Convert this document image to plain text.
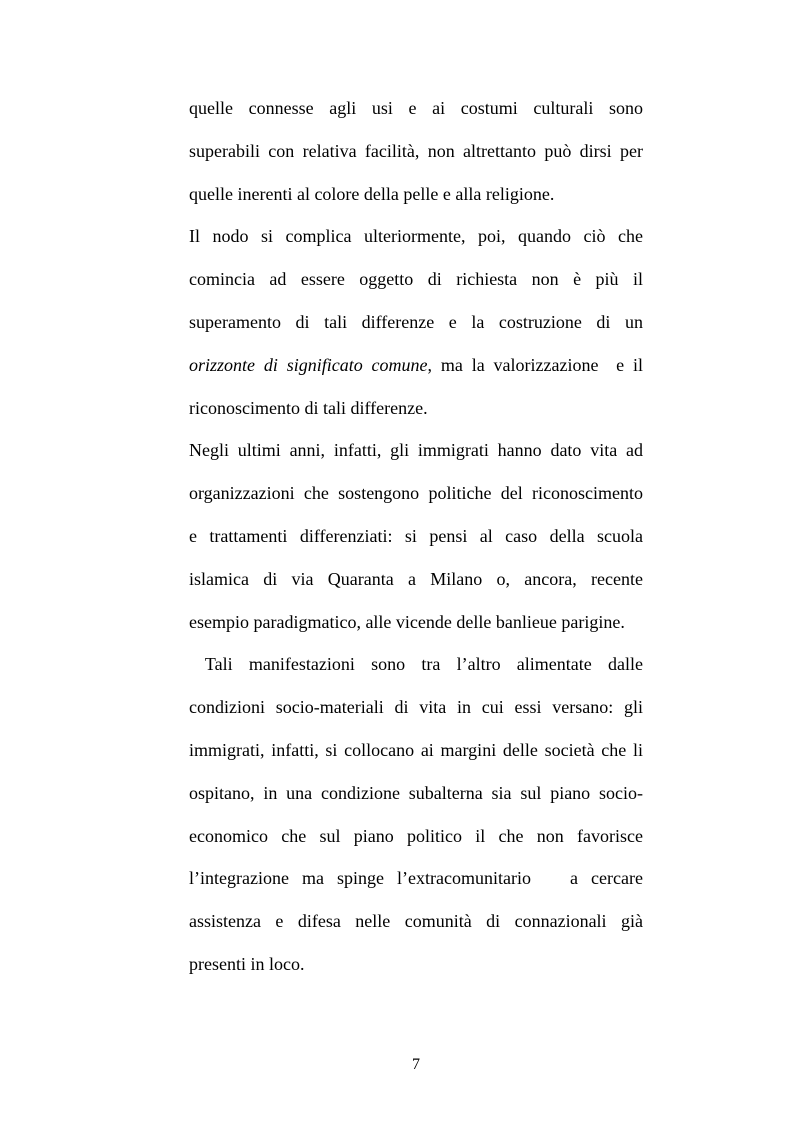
quelle connesse agli usi e ai costumi culturali sono
superabili con relativa facilità, non altrettanto può dirsi per
quelle inerenti al colore della pelle e alla religione.
Il nodo si complica ulteriormente, poi, quando ciò che
comincia ad essere oggetto di richiesta non è più il
superamento di tali differenze e la costruzione di un
orizzonte di significato comune, ma la valorizzazione  e il
riconoscimento di tali differenze.
Negli ultimi anni, infatti, gli immigrati hanno dato vita ad
organizzazioni che sostengono politiche del riconoscimento
e trattamenti differenziati: si pensi al caso della scuola
islamica di via Quaranta a Milano o, ancora, recente
esempio paradigmatico, alle vicende delle banlieue parigine.
Tali manifestazioni sono tra l’altro alimentate dalle
condizioni socio-materiali di vita in cui essi versano: gli
immigrati, infatti, si collocano ai margini delle società che li
ospitano, in una condizione subalterna sia sul piano socio-
economico che sul piano politico il che non favorisce
l’integrazione ma spinge l’extracomunitario   a cercare
assistenza e difesa nelle comunità di connazionali già
presenti in loco.
7
